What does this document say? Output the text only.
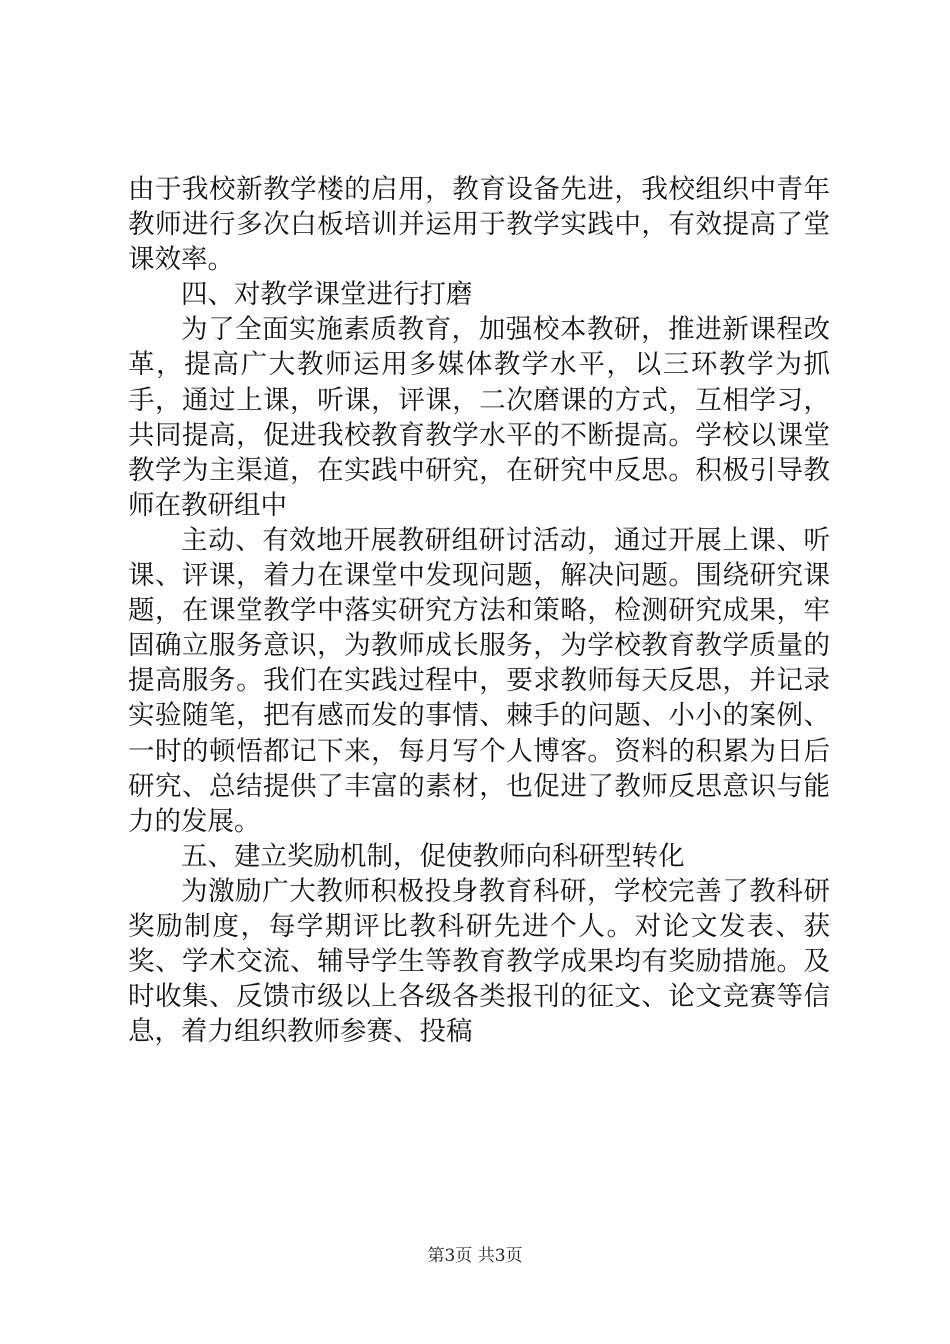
由于我校新教学楼的启用，教育设备先进，我校组织中青年教师进行多次白板培训并运用于教学实践中，有效提高了堂课效率。

四、对教学课堂进行打磨

为了全面实施素质教育，加强校本教研，推进新课程改革，提高广大教师运用多媒体教学水平，以三环教学为抓手，通过上课，听课，评课，二次磨课的方式，互相学习，共同提高，促进我校教育教学水平的不断提高。学校以课堂教学为主渠道，在实践中研究，在研究中反思。积极引导教师在教研组中

主动、有效地开展教研组研讨活动，通过开展上课、听课、评课，着力在课堂中发现问题，解决问题。围绕研究课题，在课堂教学中落实研究方法和策略，检测研究成果，牢固确立服务意识，为教师成长服务，为学校教育教学质量的提高服务。我们在实践过程中，要求教师每天反思，并记录实验随笔，把有感而发的事情、棘手的问题、小小的案例、一时的顿悟都记下来，每月写个人博客。资料的积累为日后研究、总结提供了丰富的素材，也促进了教师反思意识与能力的发展。

五、建立奖励机制，促使教师向科研型转化

为激励广大教师积极投身教育科研，学校完善了教科研奖励制度，每学期评比教科研先进个人。对论文发表、获奖、学术交流、辅导学生等教育教学成果均有奖励措施。及时收集、反馈市级以上各级各类报刊的征文、论文竞赛等信息，着力组织教师参赛、投稿

第3页 共3页
